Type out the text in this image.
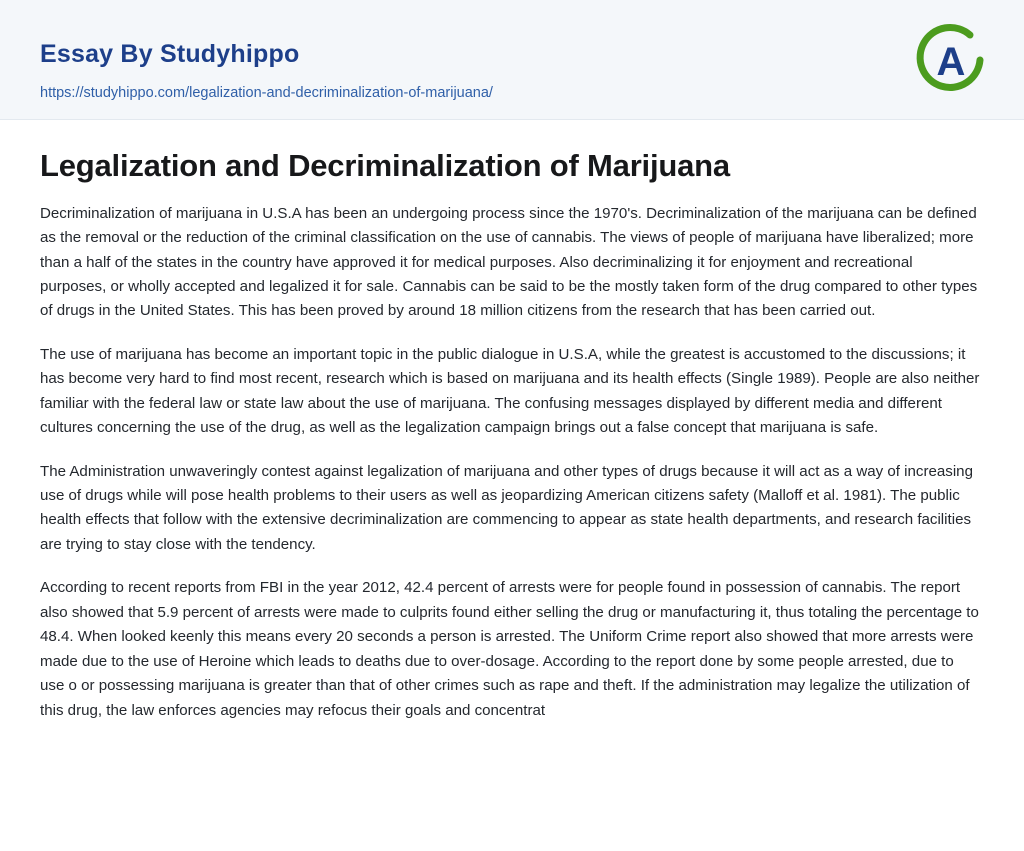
Essay By Studyhippo
https://studyhippo.com/legalization-and-decriminalization-of-marijuana/
A
Legalization and Decriminalization of Marijuana

Decriminalization of marijuana in U.S.A has been an undergoing process since the 1970's. Decriminalization of the marijuana can be defined as the removal or the reduction of the criminal classification on the use of cannabis. The views of people of marijuana have liberalized; more than a half of the states in the country have approved it for medical purposes. Also decriminalizing it for enjoyment and recreational purposes, or wholly accepted and legalized it for sale. Cannabis can be said to be the mostly taken form of the drug compared to other types of drugs in the United States. This has been proved by around 18 million citizens from the research that has been carried out.

The use of marijuana has become an important topic in the public dialogue in U.S.A, while the greatest is accustomed to the discussions; it has become very hard to find most recent, research which is based on marijuana and its health effects (Single 1989). People are also neither familiar with the federal law or state law about the use of marijuana. The confusing messages displayed by different media and different cultures concerning the use of the drug, as well as the legalization campaign brings out a false concept that marijuana is safe.

The Administration unwaveringly contest against legalization of marijuana and other types of drugs because it will act as a way of increasing use of drugs while will pose health problems to their users as well as jeopardizing American citizens safety (Malloff et al. 1981). The public health effects that follow with the extensive decriminalization are commencing to appear as state health departments, and research facilities are trying to stay close with the tendency.

According to recent reports from FBI in the year 2012, 42.4 percent of arrests were for people found in possession of cannabis. The report also showed that 5.9 percent of arrests were made to culprits found either selling the drug or manufacturing it, thus totaling the percentage to 48.4. When looked keenly this means every 20 seconds a person is arrested. The Uniform Crime report also showed that more arrests were made due to the use of Heroine which leads to deaths due to over-dosage. According to the report done by some people arrested, due to use o or possessing marijuana is greater than that of other crimes such as rape and theft. If the administration may legalize the utilization of this drug, the law enforces agencies may refocus their goals and concentrat
